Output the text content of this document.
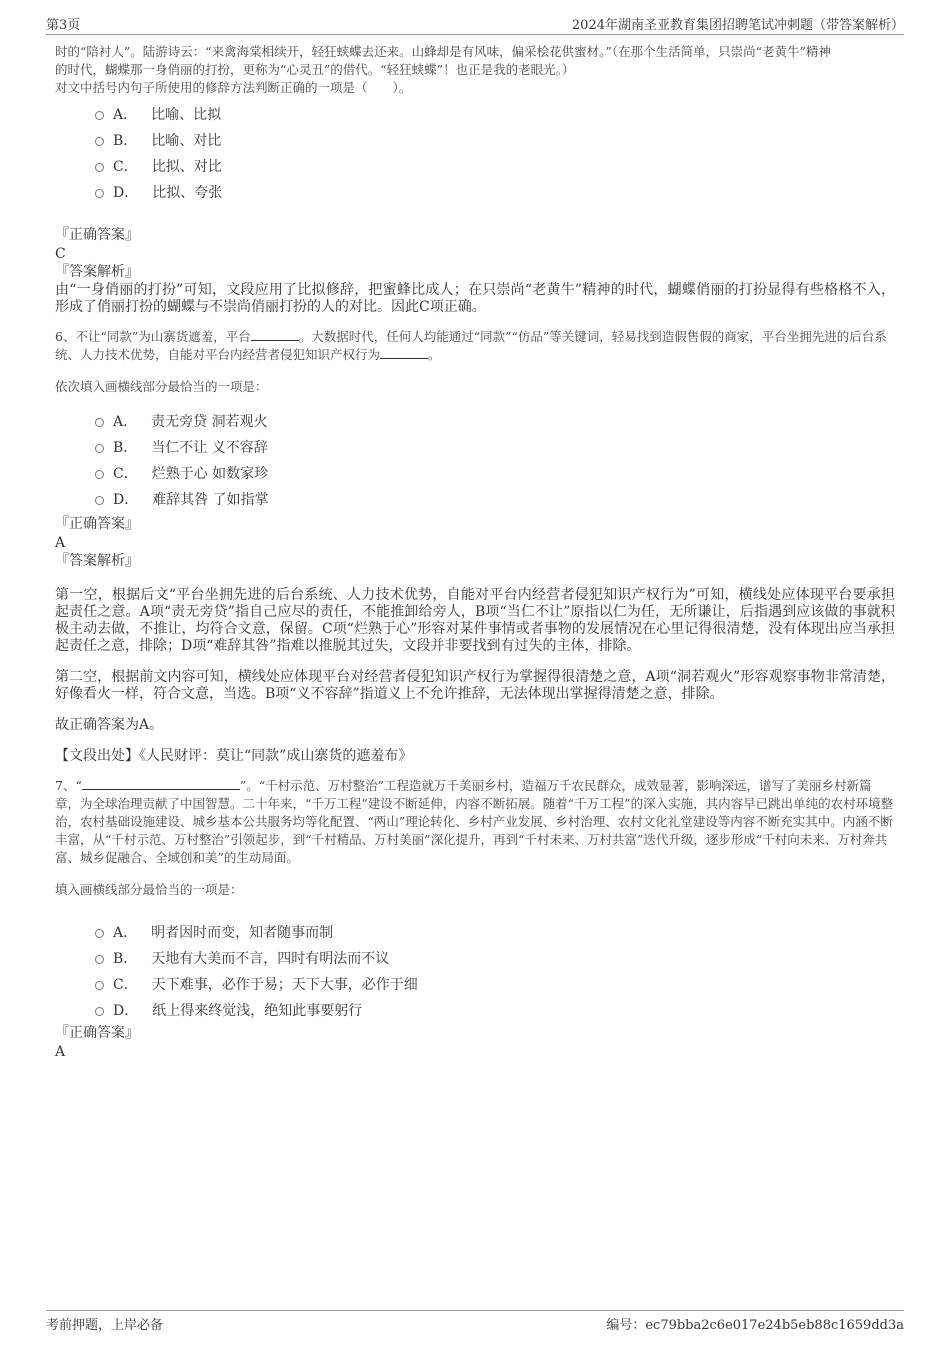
第3页	2024年湖南圣亚教育集团招聘笔试冲刺题（带答案解析）
时的“陪衬人”。陆游诗云：“来禽海棠相续开，轻狂蛱蝶去还来。山蜂却是有风味，偏采桧花供蜜材。”（在那个生活简单，只崇尚“老黄牛”精神
的时代，蝴蝶那一身俏丽的打扮，更称为“心灵丑”的借代。“轻狂蛱蝶”！也正是我的老眼光。）
对文中括号内句子所使用的修辞方法判断正确的一项是（　　）。
A． 比喻、比拟
B． 比喻、对比
C． 比拟、对比
D． 比拟、夸张
『正确答案』
C
『答案解析』
由“一身俏丽的打扮”可知，文段应用了比拟修辞，把蜜蜂比成人；在只崇尚“老黄牛”精神的时代，蝴蝶俏丽的打扮显得有些格格不入，形成了俏丽打扮的蝴蝶与不崇尚俏丽打扮的人的对比。因此C项正确。
6、不让“同款”为山寨货遮羞，平台	。大数据时代，任何人均能通过“同款”“仿品”等关键词，轻易找到造假售假的商家，平台坐拥先进的后台系统、人力技术优势，自能对平台内经营者侵犯知识产权行为	。
依次填入画横线部分最恰当的一项是：
A． 责无旁贷 洞若观火
B． 当仁不让 义不容辞
C． 烂熟于心 如数家珍
D． 难辞其咎 了如指掌
『正确答案』
A
『答案解析』
第一空，根据后文“平台坐拥先进的后台系统、人力技术优势，自能对平台内经营者侵犯知识产权行为”可知，横线处应体现平台要承担起责任之意。A项“责无旁贷”指自己应尽的责任，不能推卸给旁人，B项“当仁不让”原指以仁为任，无所谦让，后指遇到应该做的事就积极主动去做，不推让，均符合文意，保留。C项“烂熟于心”形容对某件事情或者事物的发展情况在心里记得很清楚，没有体现出应当承担起责任之意，排除；D项“难辞其咎”指难以推脱其过失，文段并非要找到有过失的主体，排除。
第二空，根据前文内容可知，横线处应体现平台对经营者侵犯知识产权行为掌握得很清楚之意，A项“洞若观火”形容观察事物非常清楚，好像看火一样，符合文意，当选。B项“义不容辞”指道义上不允许推辞，无法体现出掌握得清楚之意，排除。
故正确答案为A。
【文段出处】《人民财评：莫让“同款”成山寨货的遮羞布》
7、“	”。“千村示范、万村整治”工程造就万千美丽乡村，造福万千农民群众，成效显著，影响深远，谱写了美丽乡村新篇章，为全球治理贡献了中国智慧。二十年来，“千万工程”建设不断延伸，内容不断拓展。随着“千万工程”的深入实施，其内容早已跳出单纯的农村环境整治，农村基础设施建设、城乡基本公共服务均等化配置、“两山”理论转化、乡村产业发展、乡村治理、农村文化礼堂建设等内容不断充实其中。内涵不断丰富，从“千村示范、万村整治”引领起步，到“千村精品、万村美丽”深化提升，再到“千村未来、万村共富”迭代升级，逐步形成“千村向未来、万村奔共富、城乡促融合、全域创和美”的生动局面。
填入画横线部分最恰当的一项是：
A． 明者因时而变，知者随事而制
B． 天地有大美而不言，四时有明法而不议
C． 天下难事，必作于易；天下大事，必作于细
D． 纸上得来终觉浅，绝知此事要躬行
『正确答案』
A
考前押题，上岸必备	编号：ec79bba2c6e017e24b5eb88c1659dd3a
